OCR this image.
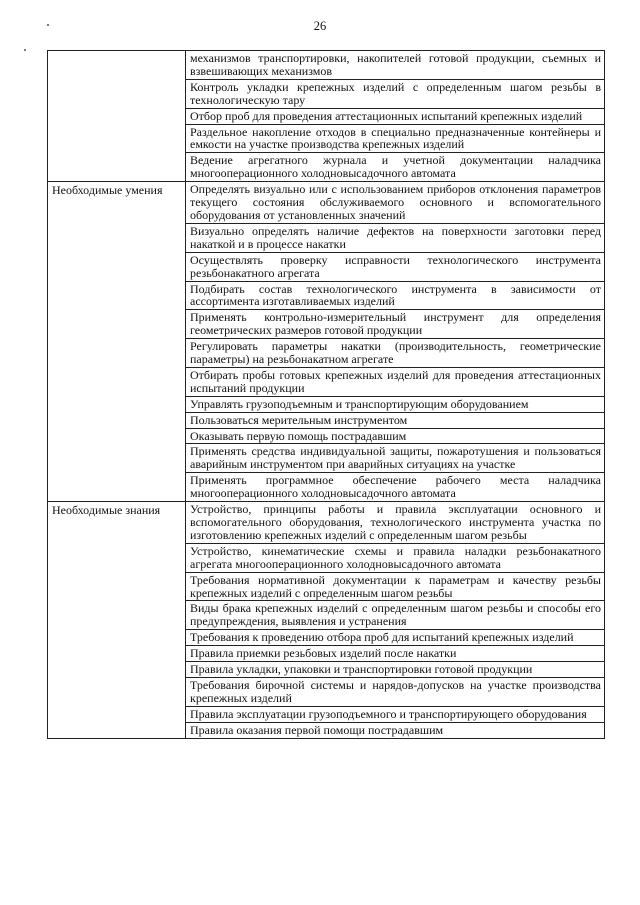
26
	механизмов транспортировки, накопителей готовой продукции, съемных и взвешивающих механизмов
	Контроль укладки крепежных изделий с определенным шагом резьбы в технологическую тару
	Отбор проб для проведения аттестационных испытаний крепежных изделий
	Раздельное накопление отходов в специально предназначенные контейнеры и емкости на участке производства крепежных изделий
	Ведение агрегатного журнала и учетной документации наладчика многооперационного холодновысадочного автомата
Необходимые умения	Определять визуально или с использованием приборов отклонения параметров текущего состояния обслуживаемого основного и вспомогательного оборудования от установленных значений
	Визуально определять наличие дефектов на поверхности заготовки перед накаткой и в процессе накатки
	Осуществлять проверку исправности технологического инструмента резьбонакатного агрегата
	Подбирать состав технологического инструмента в зависимости от ассортимента изготавливаемых изделий
	Применять контрольно-измерительный инструмент для определения геометрических размеров готовой продукции
	Регулировать параметры накатки (производительность, геометрические параметры) на резьбонакатном агрегате
	Отбирать пробы готовых крепежных изделий для проведения аттестационных испытаний продукции
	Управлять грузоподъемным и транспортирующим оборудованием
	Пользоваться мерительным инструментом
	Оказывать первую помощь пострадавшим
	Применять средства индивидуальной защиты, пожаротушения и пользоваться аварийным инструментом при аварийных ситуациях на участке
	Применять программное обеспечение рабочего места наладчика многооперационного холодновысадочного автомата
Необходимые знания	Устройство, принципы работы и правила эксплуатации основного и вспомогательного оборудования, технологического инструмента участка по изготовлению крепежных изделий с определенным шагом резьбы
	Устройство, кинематические схемы и правила наладки резьбонакатного агрегата многооперационного холодновысадочного автомата
	Требования нормативной документации к параметрам и качеству резьбы крепежных изделий с определенным шагом резьбы
	Виды брака крепежных изделий с определенным шагом резьбы и способы его предупреждения, выявления и устранения
	Требования к проведению отбора проб для испытаний крепежных изделий
	Правила приемки резьбовых изделий после накатки
	Правила укладки, упаковки и транспортировки готовой продукции
	Требования бирочной системы и нарядов-допусков на участке производства крепежных изделий
	Правила эксплуатации грузоподъемного и транспортирующего оборудования
	Правила оказания первой помощи пострадавшим
